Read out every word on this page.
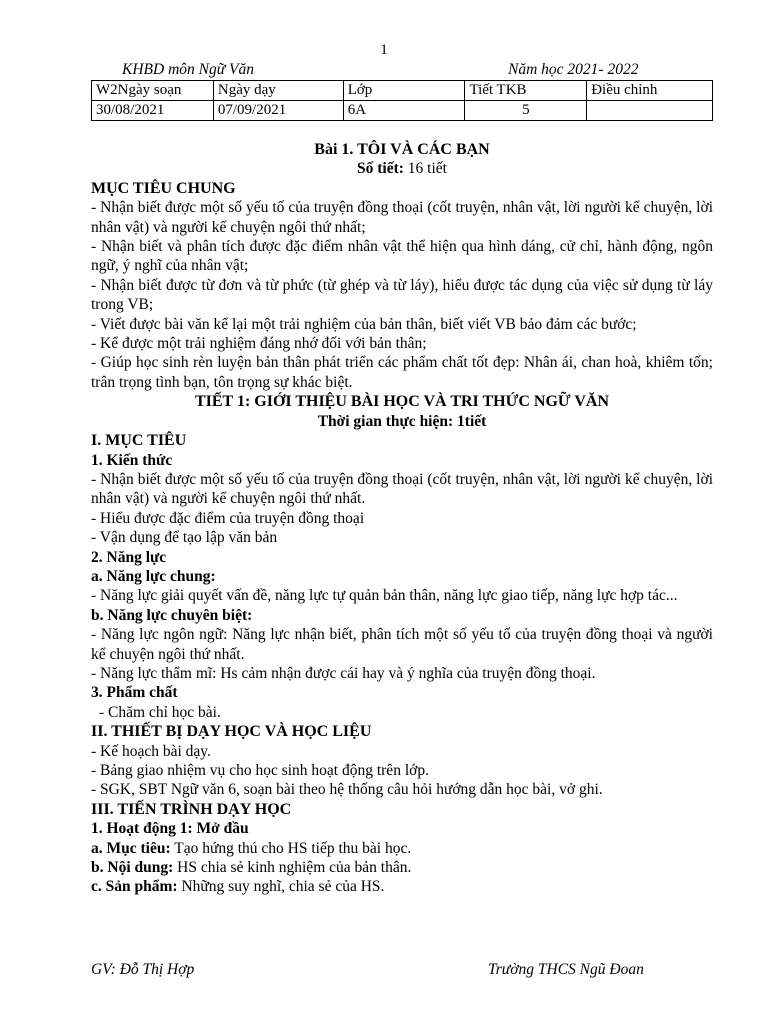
1
KHBD môn Ngữ Văn	Năm học 2021- 2022
W2Ngày soạn	Ngày dạy	Lớp	Tiết TKB	Điều chỉnh
30/08/2021	07/09/2021	6A	5	

Bài 1. TÔI VÀ CÁC BẠN

Số tiết: 16 tiết

MỤC TIÊU CHUNG

- Nhận biết được một số yếu tố của truyện đồng thoại (cốt truyện, nhân vật, lời người kể chuyện, lời nhân vật) và người kể chuyện ngôi thứ nhất;

- Nhận biết và phân tích được đặc điểm nhân vật thể hiện qua hình dáng, cử chỉ, hành động, ngôn ngữ, ý nghĩ của nhân vật;

- Nhận biết được từ đơn và từ phức (từ ghép và từ láy), hiểu được tác dụng của việc sử dụng từ láy trong VB;

- Viết được bài văn kể lại một trải nghiệm của bản thân, biết viết VB bảo đảm các bước;

- Kể được một trải nghiệm đáng nhớ đối với bản thân;

- Giúp học sinh rèn luyện bản thân phát triển các phẩm chất tốt đẹp: Nhân ái, chan hoà, khiêm tốn; trân trọng tình bạn, tôn trọng sự khác biệt.

TIẾT 1: GIỚI THIỆU BÀI HỌC VÀ TRI THỨC NGỮ VĂN

Thời gian thực hiện: 1tiết

I. MỤC TIÊU

1. Kiến thức

- Nhận biết được một số yếu tố của truyện đồng thoại (cốt truyện, nhân vật, lời người kể chuyện, lời nhân vật) và người kể chuyện ngôi thứ nhất.

- Hiểu được đặc điểm của truyện đồng thoại

- Vận dụng để tạo lập văn bản

2. Năng lực

a. Năng lực chung:

- Năng lực giải quyết vấn đề, năng lực tự quản bản thân, năng lực giao tiếp, năng lực hợp tác...

b. Năng lực chuyên biệt:

- Năng lực ngôn ngữ: Năng lực nhận biết, phân tích một số yếu tố của truyện đồng thoại và người kể chuyện ngôi thứ nhất.

- Năng lực thẩm mĩ: Hs cảm nhận được cái hay và ý nghĩa của truyện đồng thoại.

3. Phẩm chất

- Chăm chỉ học bài.

II. THIẾT BỊ DẠY HỌC VÀ HỌC LIỆU

- Kế hoạch bài dạy.

- Bảng giao nhiệm vụ cho học sinh hoạt động trên lớp.

- SGK, SBT Ngữ văn 6, soạn bài theo hệ thống câu hỏi hướng dẫn học bài, vở ghi.

III. TIẾN TRÌNH DẠY HỌC

1. Hoạt động 1: Mở đầu

a. Mục tiêu: Tạo hứng thú cho HS tiếp thu bài học.

b. Nội dung: HS chia sẻ kinh nghiệm của bản thân.

c. Sản phẩm: Những suy nghĩ, chia sẻ của HS.

GV: Đỗ Thị Hợp	Trường THCS Ngũ Đoan
